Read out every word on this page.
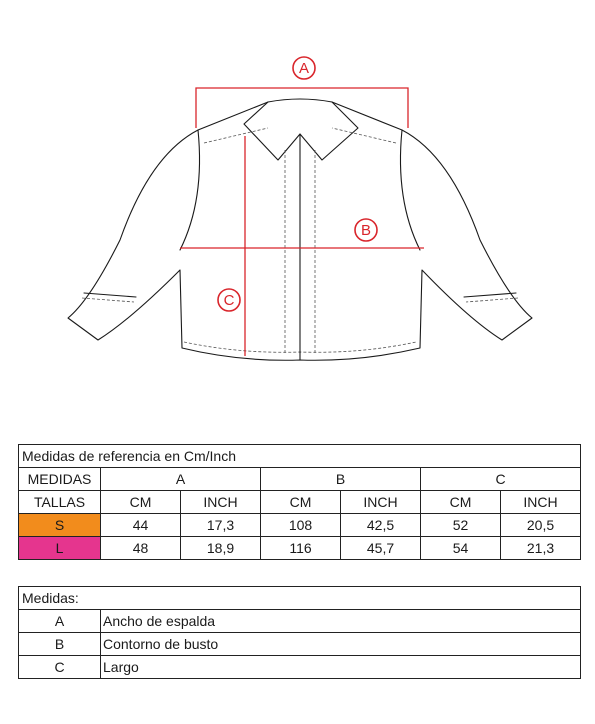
A
B
C
Medidas de referencia en Cm/Inch						
MEDIDAS	A		B		C	
TALLAS	CM	INCH	CM	INCH	CM	INCH
S	44	17,3	108	42,5	52	20,5
L	48	18,9	116	45,7	54	21,3
Medidas:	
A	Ancho de espalda
B	Contorno de busto
C	Largo
